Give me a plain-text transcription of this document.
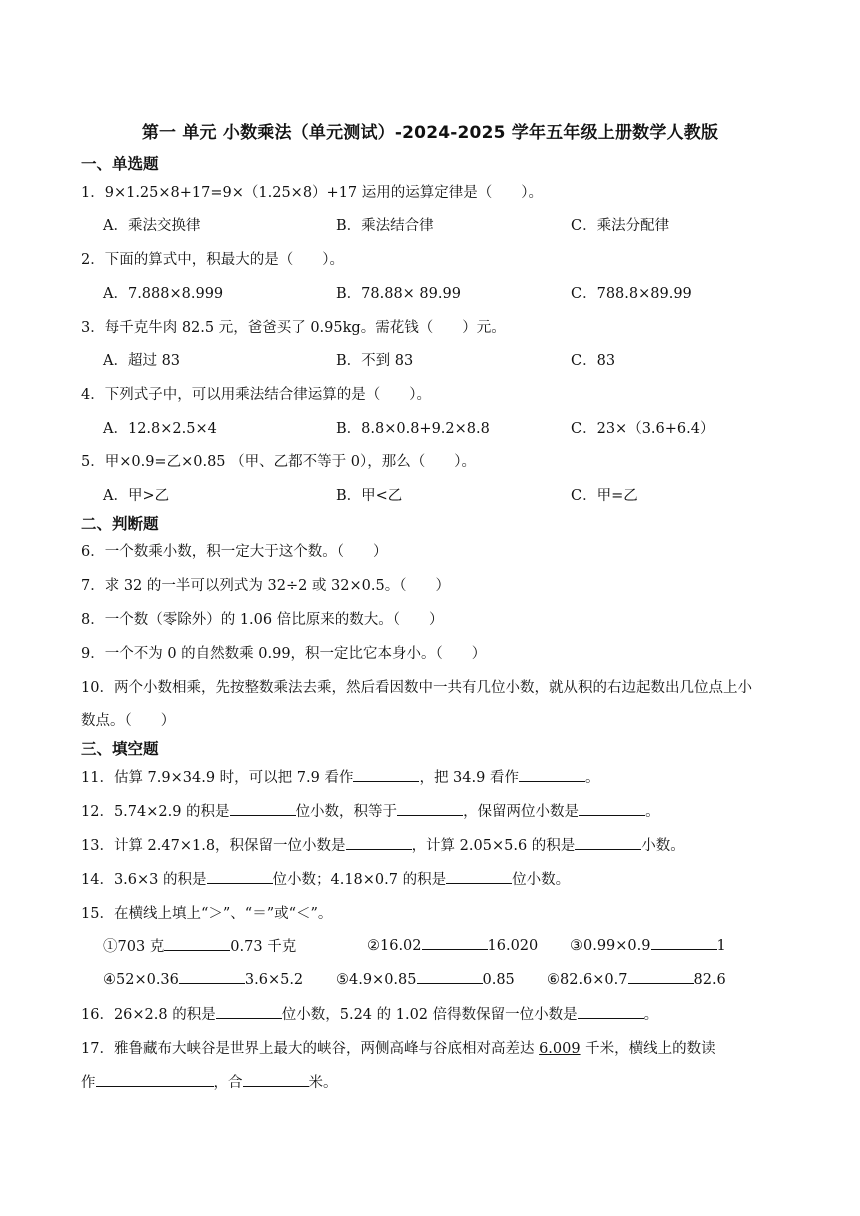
第一 单元 小数乘法（单元测试）-2024-2025 学年五年级上册数学人教版
一、单选题
1．9×1.25×8+17=9×（1.25×8）+17 运用的运算定律是（　　）。
A．乘法交换律	B．乘法结合律	C．乘法分配律
2．下面的算式中，积最大的是（　　）。
A．7.888×8.999	B．78.88× 89.99	C．788.8×89.99
3．每千克牛肉 82.5 元，爸爸买了 0.95kg。需花钱（　　）元。
A．超过 83	B．不到 83	C．83
4．下列式子中，可以用乘法结合律运算的是（　　）。
A．12.8×2.5×4	B．8.8×0.8+9.2×8.8	C．23×（3.6+6.4）
5．甲×0.9=乙×0.85 （甲、乙都不等于 0），那么（　　）。
A．甲>乙	B．甲<乙	C．甲=乙
二、判断题
6．一个数乘小数，积一定大于这个数。（　　）
7．求 32 的一半可以列式为 32÷2 或 32×0.5。（　　）
8．一个数（零除外）的 1.06 倍比原来的数大。（　　）
9．一个不为 0 的自然数乘 0.99，积一定比它本身小。（　　）
10．两个小数相乘，先按整数乘法去乘，然后看因数中一共有几位小数，就从积的右边起数出几位点上小
数点。（　　）
三、填空题
11．估算 7.9×34.9 时，可以把 7.9 看作	，把 34.9 看作	。
12．5.74×2.9 的积是	位小数，积等于	，保留两位小数是	。
13．计算 2.47×1.8，积保留一位小数是	，计算 2.05×5.6 的积是	小数。
14．3.6×3 的积是	位小数；4.18×0.7 的积是	位小数。
15．在横线上填上“＞”、“＝”或“＜”。
①703 克	0.73 千克	②16.02	16.020 ③0.99×0.9	1
④52×0.36	3.6×5.2 ⑤4.9×0.85	0.85 ⑥82.6×0.7	82.6
16．26×2.8 的积是	位小数，5.24 的 1.02 倍得数保留一位小数是	。
17．雅鲁藏布大峡谷是世界上最大的峡谷，两侧高峰与谷底相对高差达 6.009 千米，横线上的数读
作	，合	米。
